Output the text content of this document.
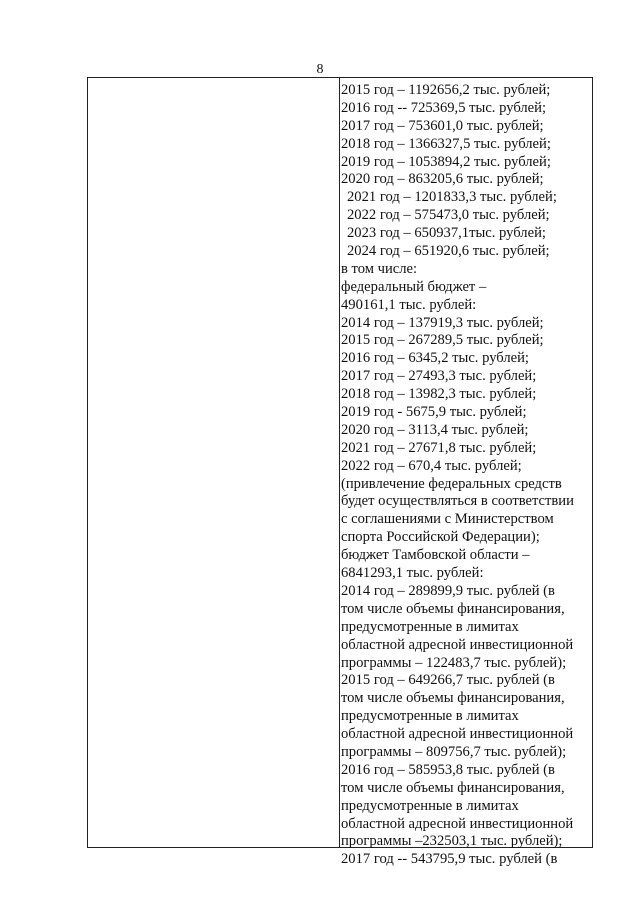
8
2015 год – 1192656,2 тыс. рублей;
2016 год -- 725369,5 тыс. рублей;
2017 год – 753601,0 тыс. рублей;
2018 год – 1366327,5 тыс. рублей;
2019 год – 1053894,2 тыс. рублей;
2020 год – 863205,6 тыс. рублей;
2021 год – 1201833,3 тыс. рублей;
2022 год – 575473,0 тыс. рублей;
2023 год – 650937,1тыс. рублей;
2024 год – 651920,6 тыс. рублей;
в том числе:
федеральный бюджет –
490161,1 тыс. рублей:
2014 год – 137919,3 тыс. рублей;
2015 год – 267289,5 тыс. рублей;
2016 год – 6345,2 тыс. рублей;
2017 год – 27493,3 тыс. рублей;
2018 год – 13982,3 тыс. рублей;
2019 год - 5675,9 тыс. рублей;
2020 год – 3113,4 тыс. рублей;
2021 год – 27671,8 тыс. рублей;
2022 год – 670,4 тыс. рублей;
(привлечение федеральных средств
будет осуществляться в соответствии
с соглашениями с Министерством
спорта Российской Федерации);
бюджет Тамбовской области –
6841293,1 тыс. рублей:
2014 год – 289899,9 тыс. рублей (в
том числе объемы финансирования,
предусмотренные в лимитах
областной адресной инвестиционной
программы – 122483,7 тыс. рублей);
2015 год – 649266,7 тыс. рублей (в
том числе объемы финансирования,
предусмотренные в лимитах
областной адресной инвестиционной
программы – 809756,7 тыс. рублей);
2016 год – 585953,8 тыс. рублей (в
том числе объемы финансирования,
предусмотренные в лимитах
областной адресной инвестиционной
программы –232503,1 тыс. рублей);
2017 год -- 543795,9 тыс. рублей (в
